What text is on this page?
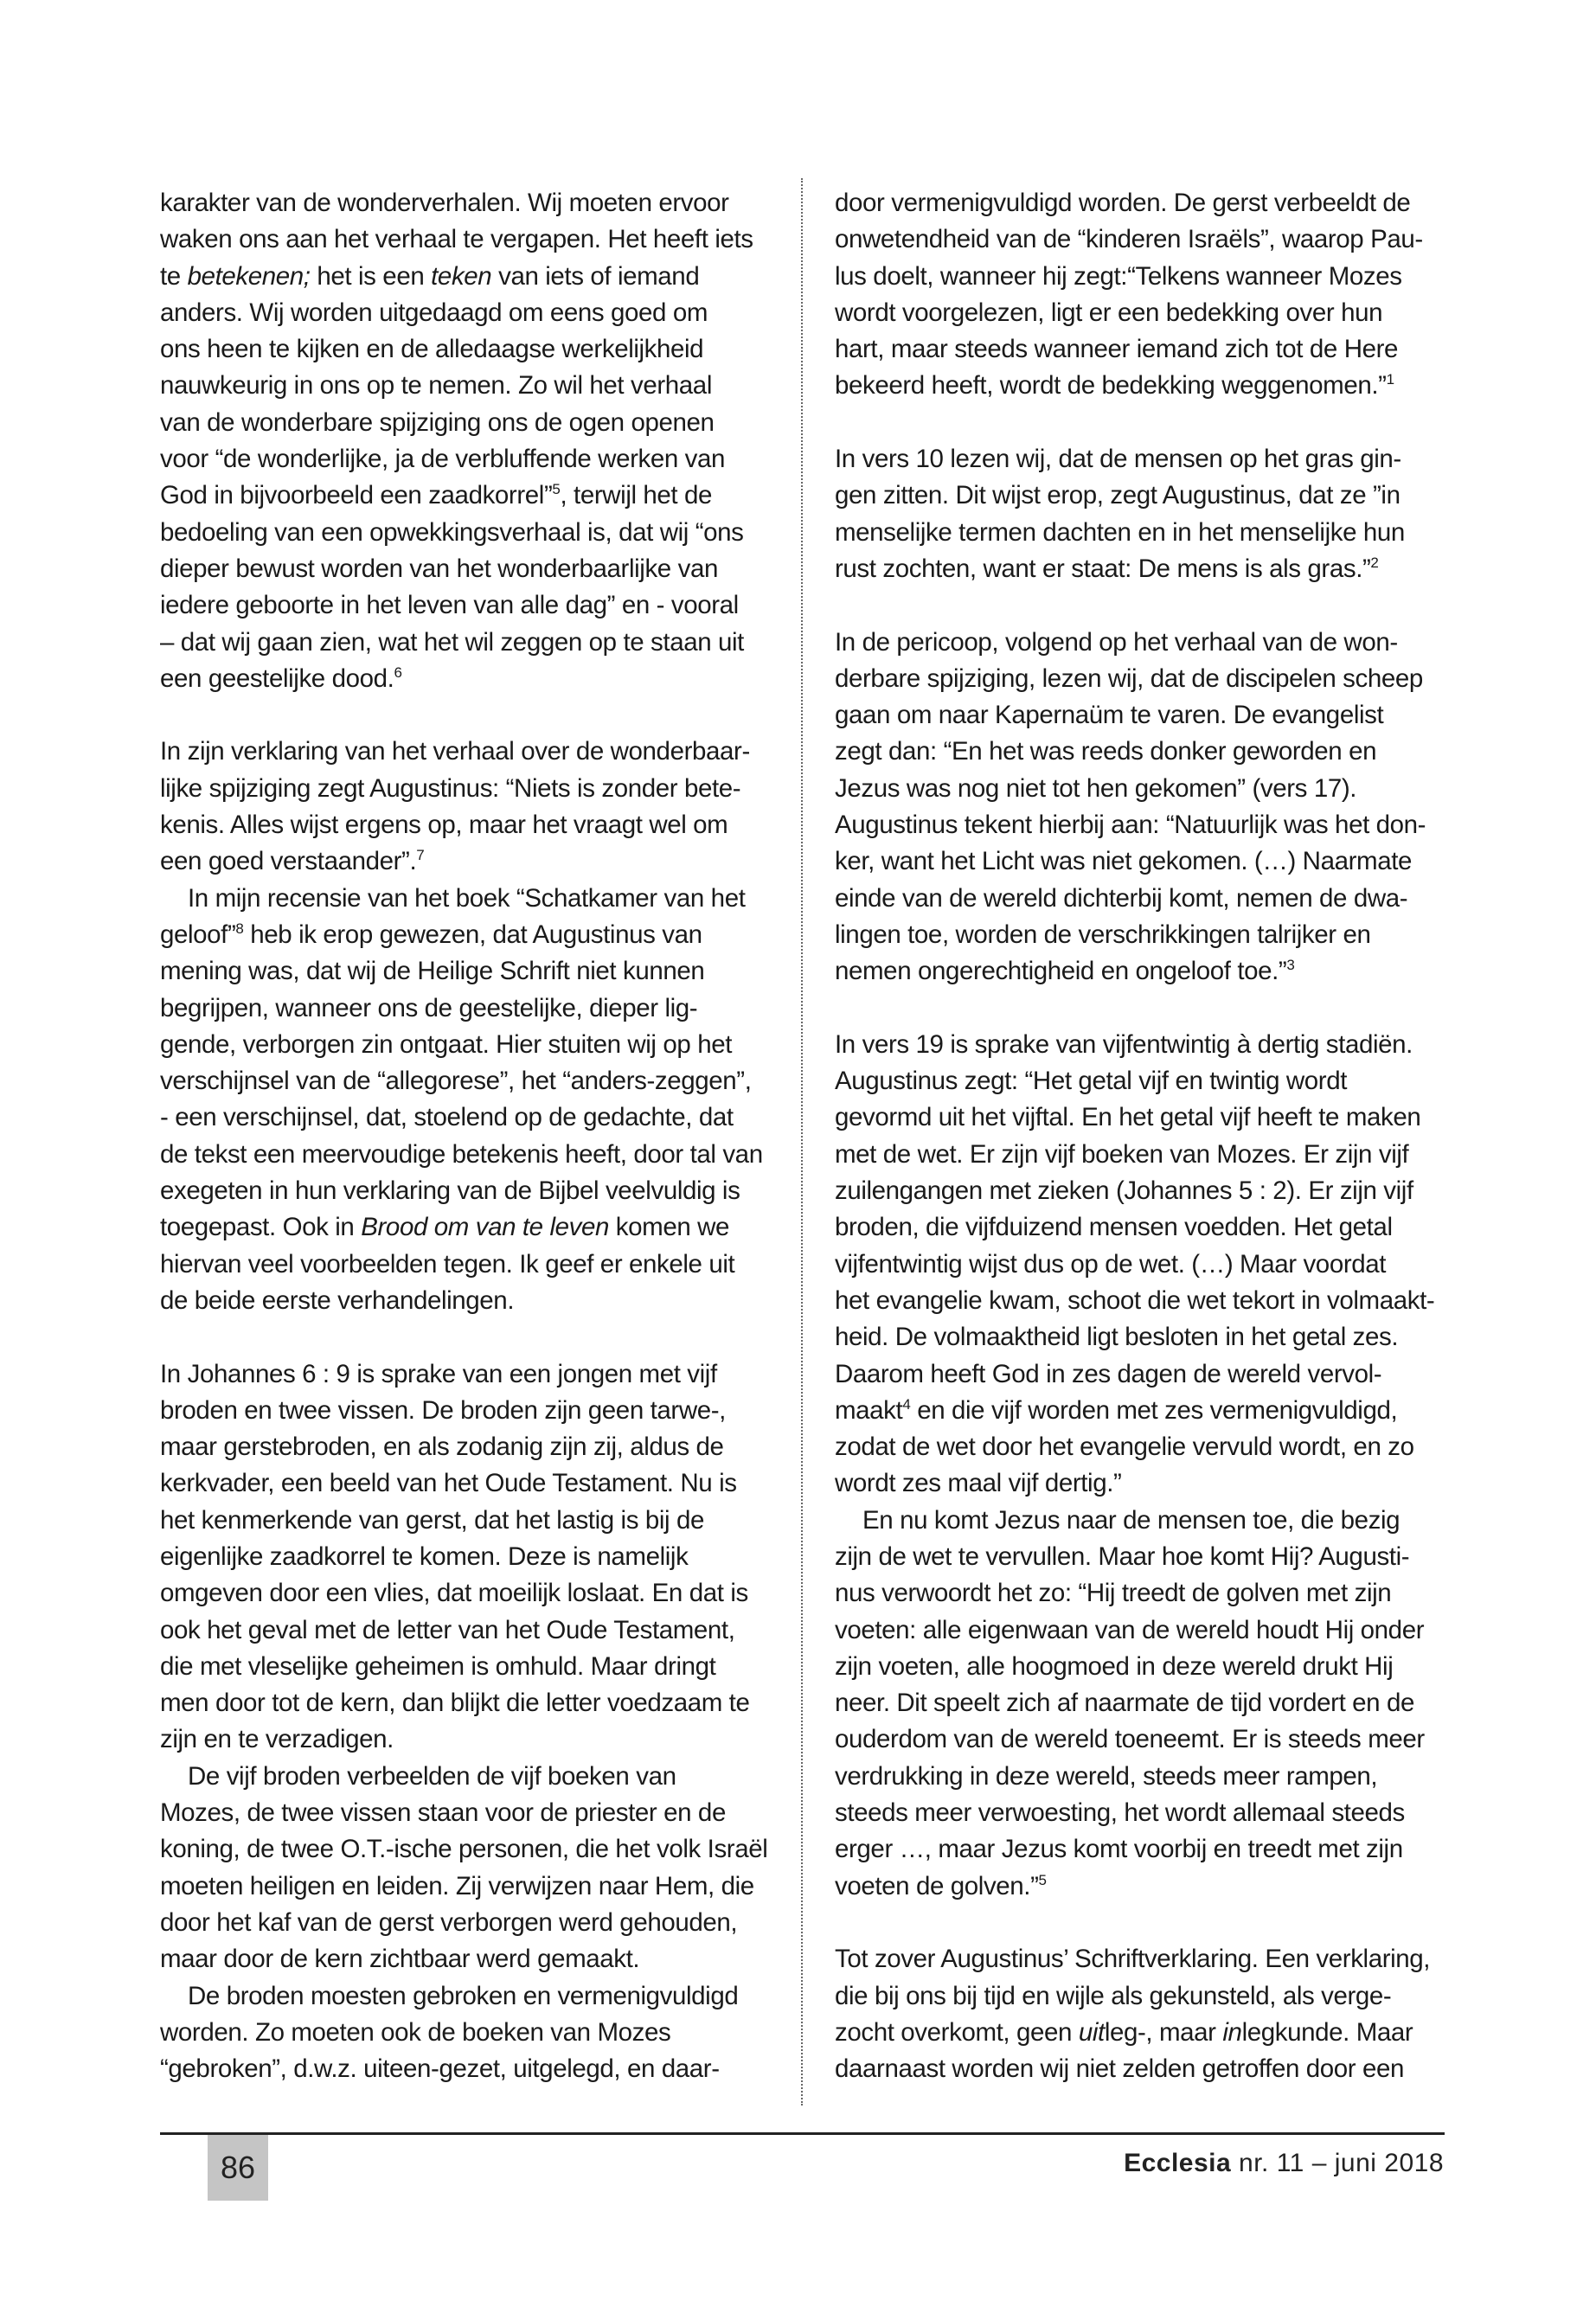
karakter van de wonderverhalen. Wij moeten ervoor
waken ons aan het verhaal te vergapen. Het heeft iets
te betekenen; het is een teken van iets of iemand
anders. Wij worden uitgedaagd om eens goed om
ons heen te kijken en de alledaagse werkelijkheid
nauwkeurig in ons op te nemen. Zo wil het verhaal
van de wonderbare spijziging ons de ogen openen
voor “de wonderlijke, ja de verbluffende werken van
God in bijvoorbeeld een zaadkorrel”$^5$, terwijl het de
bedoeling van een opwekkingsverhaal is, dat wij “ons
dieper bewust worden van het wonderbaarlijke van
iedere geboorte in het leven van alle dag” en - vooral
– dat wij gaan zien, wat het wil zeggen op te staan uit
een geestelijke dood.$^6$
In zijn verklaring van het verhaal over de wonderbaar-
lijke spijziging zegt Augustinus: “Niets is zonder bete-
kenis. Alles wijst ergens op, maar het vraagt wel om
een goed verstaander”.$^7$
In mijn recensie van het boek “Schatkamer van het
geloof”$^8$ heb ik erop gewezen, dat Augustinus van
mening was, dat wij de Heilige Schrift niet kunnen
begrijpen, wanneer ons de geestelijke, dieper lig-
gende, verborgen zin ontgaat. Hier stuiten wij op het
verschijnsel van de “allegorese”, het “anders-zeggen”,
- een verschijnsel, dat, stoelend op de gedachte, dat
de tekst een meervoudige betekenis heeft, door tal van
exegeten in hun verklaring van de Bijbel veelvuldig is
toegepast. Ook in Brood om van te leven komen we
hiervan veel voorbeelden tegen. Ik geef er enkele uit
de beide eerste verhandelingen.
In Johannes 6 : 9 is sprake van een jongen met vijf
broden en twee vissen. De broden zijn geen tarwe-,
maar gerstebroden, en als zodanig zijn zij, aldus de
kerkvader, een beeld van het Oude Testament. Nu is
het kenmerkende van gerst, dat het lastig is bij de
eigenlijke zaadkorrel te komen. Deze is namelijk
omgeven door een vlies, dat moeilijk loslaat. En dat is
ook het geval met de letter van het Oude Testament,
die met vleselijke geheimen is omhuld. Maar dringt
men door tot de kern, dan blijkt die letter voedzaam te
zijn en te verzadigen.
De vijf broden verbeelden de vijf boeken van
Mozes, de twee vissen staan voor de priester en de
koning, de twee O.T.-ische personen, die het volk Israël
moeten heiligen en leiden. Zij verwijzen naar Hem, die
door het kaf van de gerst verborgen werd gehouden,
maar door de kern zichtbaar werd gemaakt.
De broden moesten gebroken en vermenigvuldigd
worden. Zo moeten ook de boeken van Mozes
“gebroken”, d.w.z. uiteen-gezet, uitgelegd, en daar-
door vermenigvuldigd worden. De gerst verbeeldt de
onwetendheid van de “kinderen Israëls”, waarop Pau-
lus doelt, wanneer hij zegt:“Telkens wanneer Mozes
wordt voorgelezen, ligt er een bedekking over hun
hart, maar steeds wanneer iemand zich tot de Here
bekeerd heeft, wordt de bedekking weggenomen.”$^1$
In vers 10 lezen wij, dat de mensen op het gras gin-
gen zitten. Dit wijst erop, zegt Augustinus, dat ze ”in
menselijke termen dachten en in het menselijke hun
rust zochten, want er staat: De mens is als gras.”$^2$
In de pericoop, volgend op het verhaal van de won-
derbare spijziging, lezen wij, dat de discipelen scheep
gaan om naar Kapernaüm te varen. De evangelist
zegt dan: “En het was reeds donker geworden en
Jezus was nog niet tot hen gekomen” (vers 17).
Augustinus tekent hierbij aan: “Natuurlijk was het don-
ker, want het Licht was niet gekomen. (…) Naarmate
einde van de wereld dichterbij komt, nemen de dwa-
lingen toe, worden de verschrikkingen talrijker en
nemen ongerechtigheid en ongeloof toe.”$^3$
In vers 19 is sprake van vijfentwintig à dertig stadiën.
Augustinus zegt: “Het getal vijf en twintig wordt
gevormd uit het vijftal. En het getal vijf heeft te maken
met de wet. Er zijn vijf boeken van Mozes. Er zijn vijf
zuilengangen met zieken (Johannes 5 : 2). Er zijn vijf
broden, die vijfduizend mensen voedden. Het getal
vijfentwintig wijst dus op de wet. (…) Maar voordat
het evangelie kwam, schoot die wet tekort in volmaakt-
heid. De volmaaktheid ligt besloten in het getal zes.
Daarom heeft God in zes dagen de wereld vervol-
maakt$^4$ en die vijf worden met zes vermenigvuldigd,
zodat de wet door het evangelie vervuld wordt, en zo
wordt zes maal vijf dertig.”
En nu komt Jezus naar de mensen toe, die bezig
zijn de wet te vervullen. Maar hoe komt Hij? Augusti-
nus verwoordt het zo: “Hij treedt de golven met zijn
voeten: alle eigenwaan van de wereld houdt Hij onder
zijn voeten, alle hoogmoed in deze wereld drukt Hij
neer. Dit speelt zich af naarmate de tijd vordert en de
ouderdom van de wereld toeneemt. Er is steeds meer
verdrukking in deze wereld, steeds meer rampen,
steeds meer verwoesting, het wordt allemaal steeds
erger …, maar Jezus komt voorbij en treedt met zijn
voeten de golven.”$^5$
Tot zover Augustinus’ Schriftverklaring. Een verklaring,
die bij ons bij tijd en wijle als gekunsteld, als verge-
zocht overkomt, geen uitleg-, maar inlegkunde. Maar
daarnaast worden wij niet zelden getroffen door een
86	Ecclesia nr. 11 – juni 2018
